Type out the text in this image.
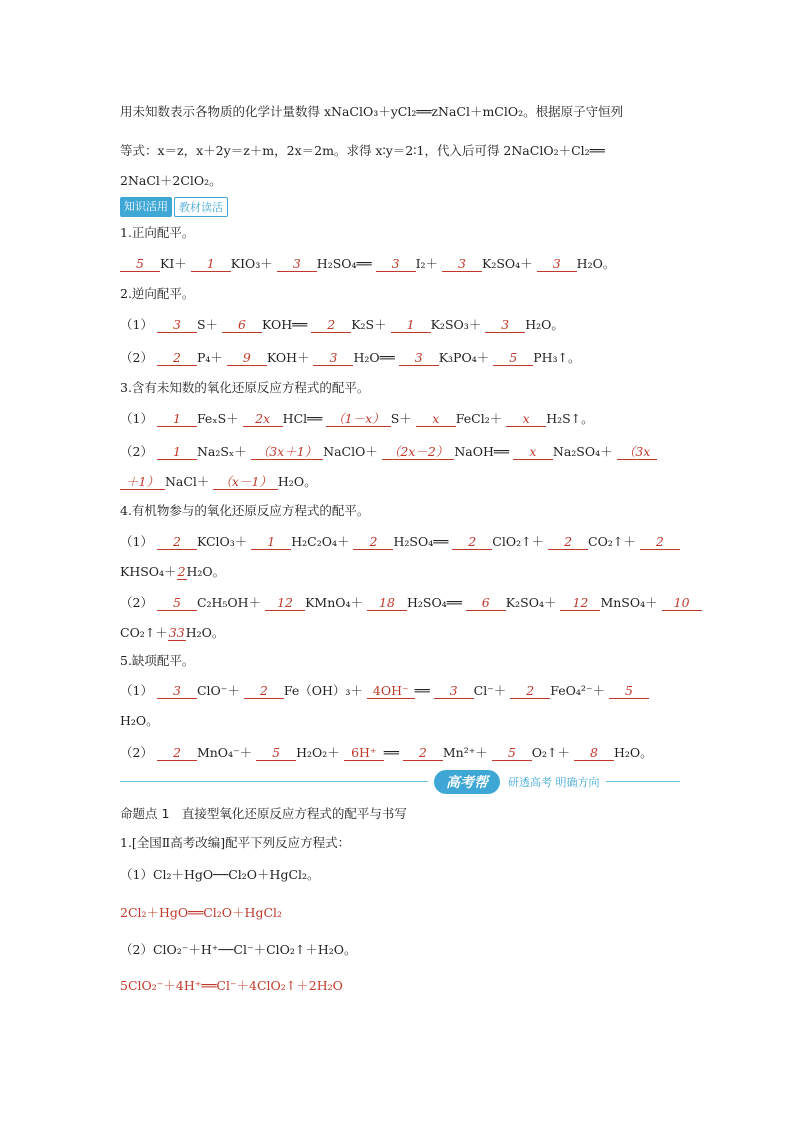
用未知数表示各物质的化学计量数得 xNaClO₃＋yCl₂══zNaCl＋mClO₂。根据原子守恒列
等式：x＝z，x＋2y＝z＋m，2x＝2m。求得 x∶y＝2∶1，代入后可得 2NaClO₂＋Cl₂══
2NaCl＋2ClO₂。
知识活用	教材读活
1.正向配平。
5 KI＋ 1 KIO₃＋ 3 H₂SO₄══ 3 I₂＋ 3 K₂SO₄＋ 3 H₂O。
2.逆向配平。
（1） 3 S＋ 6 KOH══ 2 K₂S＋ 1 K₂SO₃＋ 3 H₂O。
（2） 2 P₄＋ 9 KOH＋ 3 H₂O══ 3 K₃PO₄＋ 5 PH₃↑。
3.含有未知数的氧化还原反应方程式的配平。
（1） 1 FeₓS＋ 2x HCl══ （1－x） S＋ x FeCl₂＋ x H₂S↑。
（2） 1 Na₂Sₓ＋ （3x＋1） NaClO＋ （2x－2） NaOH══ x Na₂SO₄＋ （3x
＋1） NaCl＋ （x－1） H₂O。
4.有机物参与的氧化还原反应方程式的配平。
（1） 2 KClO₃＋ 1 H₂C₂O₄＋ 2 H₂SO₄══ 2 ClO₂↑＋ 2 CO₂↑＋ 2
KHSO₄＋2H₂O。
（2） 5 C₂H₅OH＋ 12 KMnO₄＋ 18 H₂SO₄══ 6 K₂SO₄＋ 12 MnSO₄＋ 10
CO₂↑＋33H₂O。
5.缺项配平。
（1） 3 ClO⁻＋ 2 Fe（OH）₃＋ 4OH⁻ ══ 3 Cl⁻＋ 2 FeO₄²⁻＋ 5
H₂O。
（2） 2 MnO₄⁻＋ 5 H₂O₂＋ 6H⁺ ══ 2 Mn²⁺＋ 5 O₂↑＋ 8 H₂O。
高考帮	研透高考 明确方向
命题点 1　直接型氧化还原反应方程式的配平与书写
1.[全国Ⅱ高考改编]配平下列反应方程式：
（1）Cl₂＋HgO──Cl₂O＋HgCl₂。
2Cl₂＋HgO══Cl₂O＋HgCl₂
（2）ClO₂⁻＋H⁺──Cl⁻＋ClO₂↑＋H₂O。
5ClO₂⁻＋4H⁺══Cl⁻＋4ClO₂↑＋2H₂O
